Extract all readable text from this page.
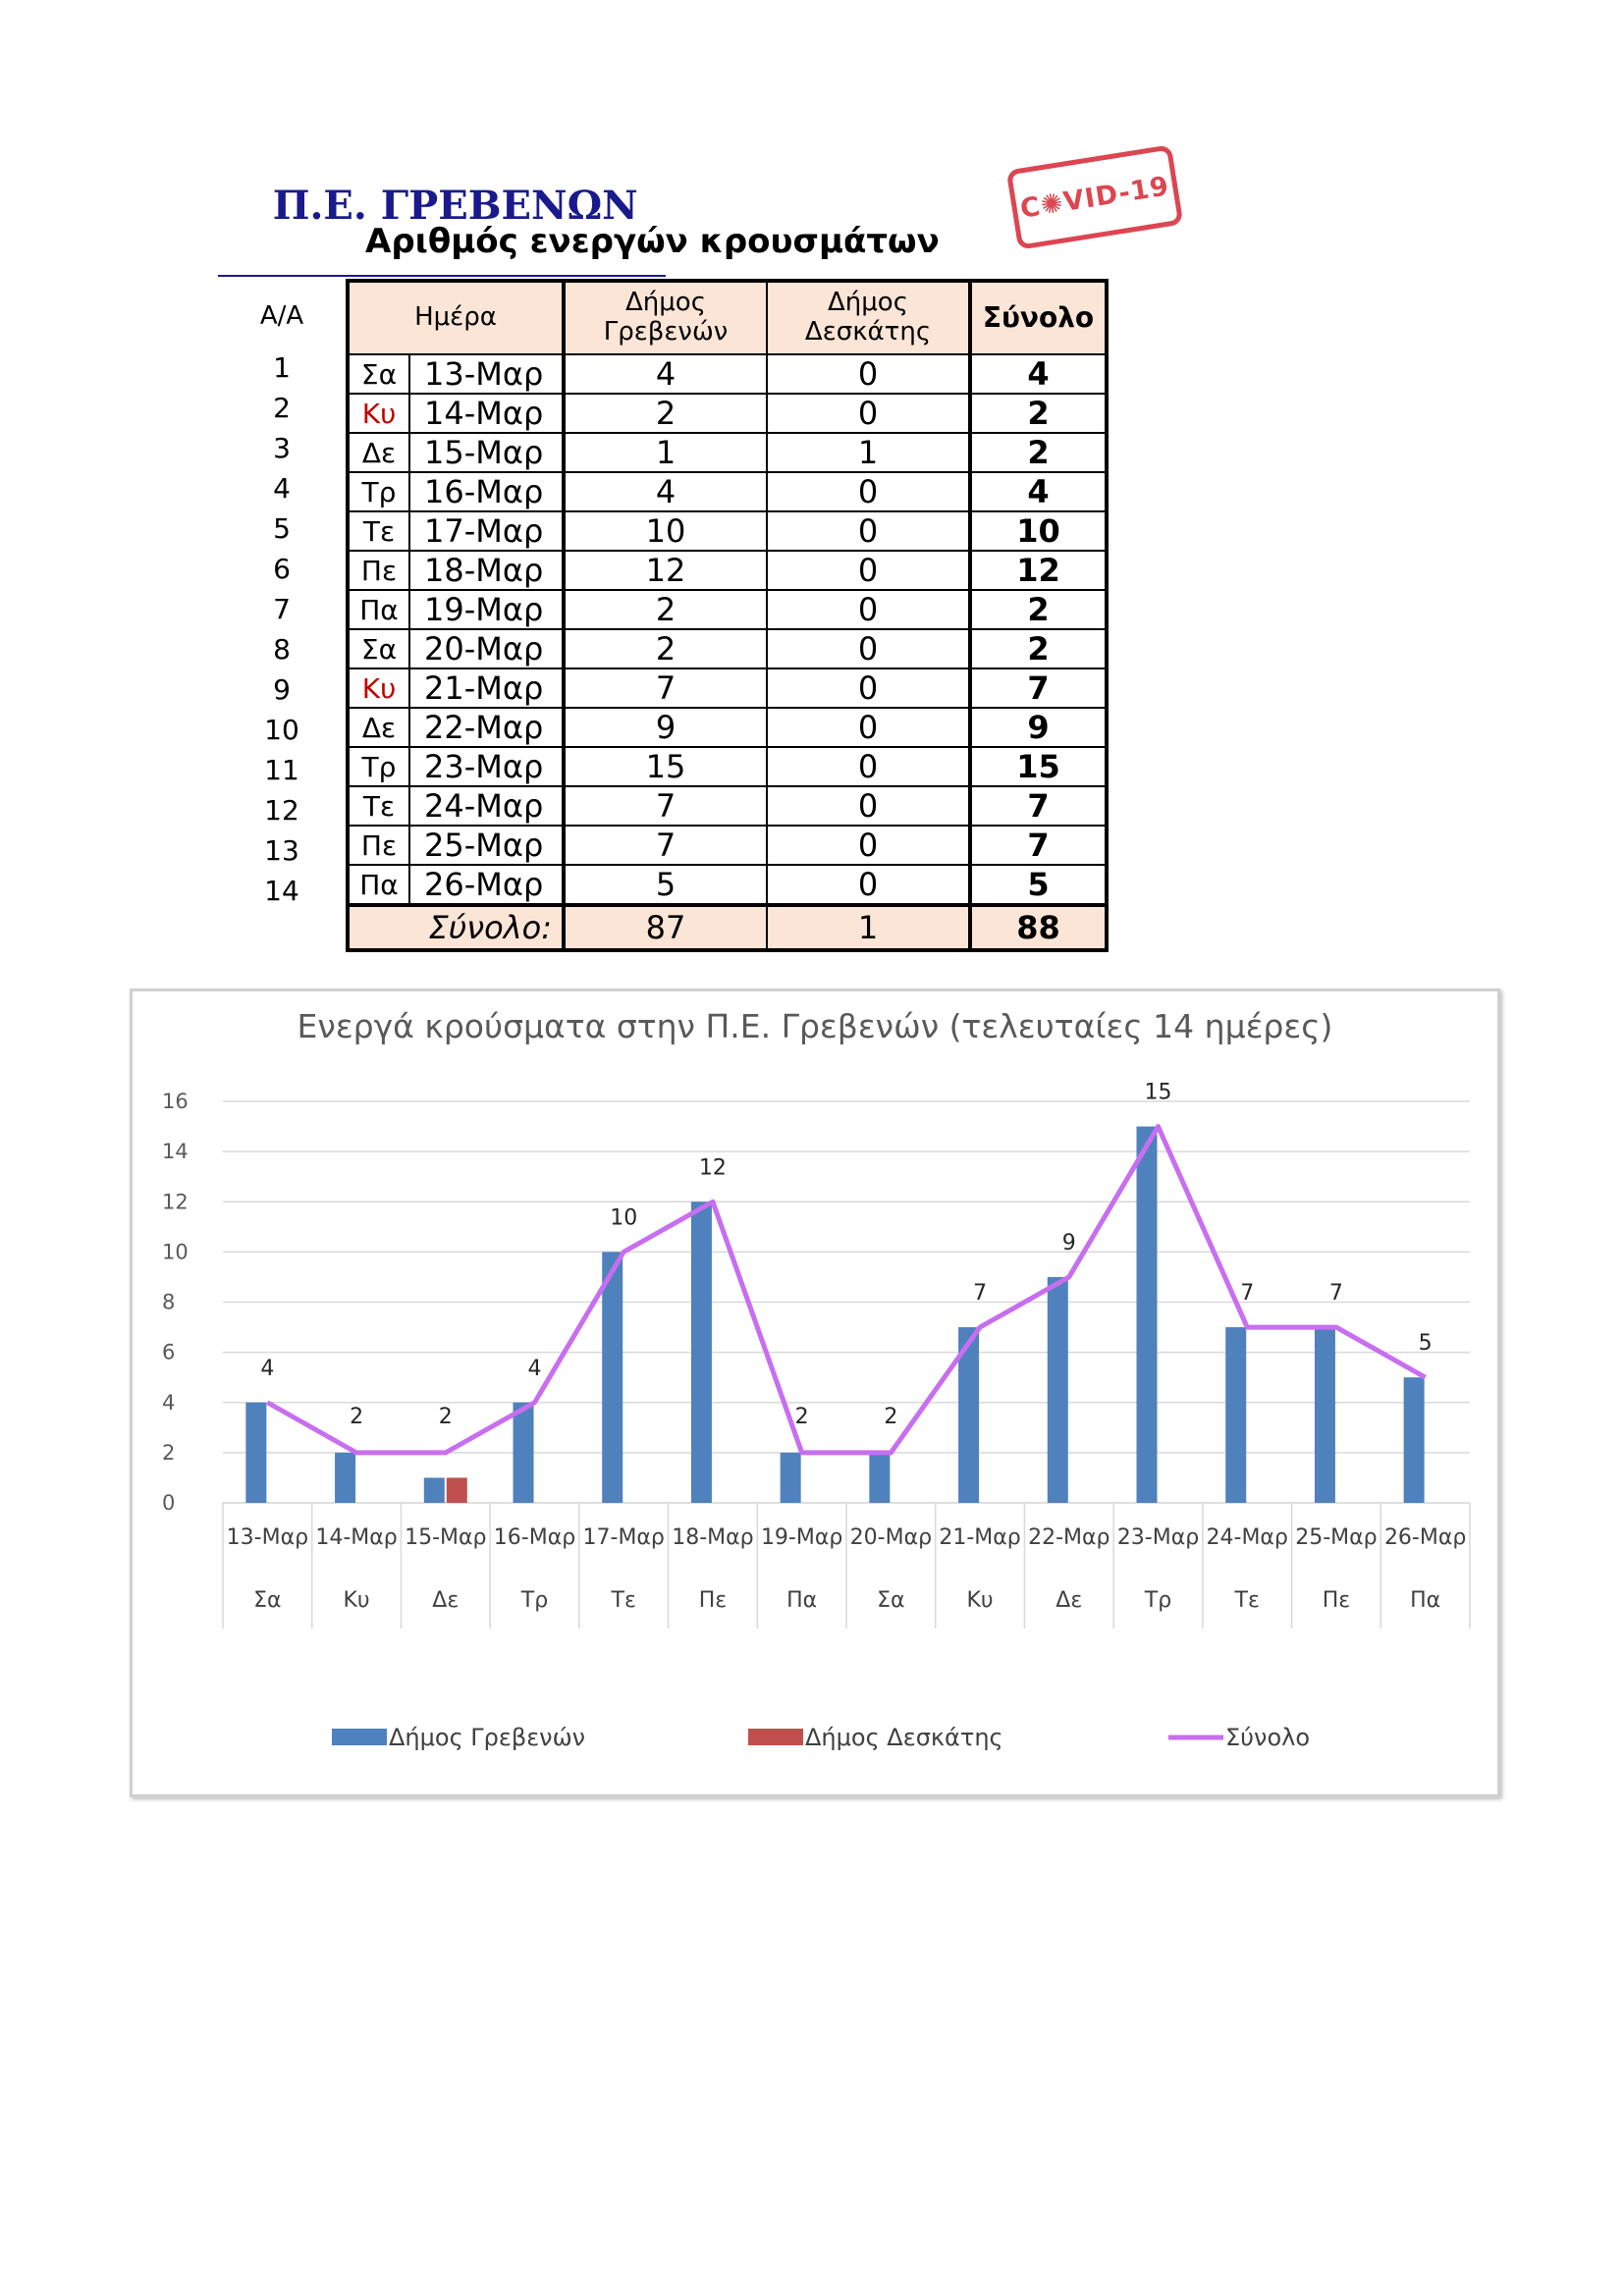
Π.Ε. ΓΡΕΒΕΝΩΝ
	C✺VID-19
Αριθμός ενεργών κρουσμάτων
Α/Α
1
2
3
4
5
6
7
8
9
10
11
12
13
14
Ημέρα		Δήμος Γρεβενών	Δήμος Δεσκάτης	Σύνολο
Σα	13-Μαρ	4	0	4
Κυ	14-Μαρ	2	0	2
Δε	15-Μαρ	1	1	2
Τρ	16-Μαρ	4	0	4
Τε	17-Μαρ	10	0	10
Πε	18-Μαρ	12	0	12
Πα	19-Μαρ	2	0	2
Σα	20-Μαρ	2	0	2
Κυ	21-Μαρ	7	0	7
Δε	22-Μαρ	9	0	9
Τρ	23-Μαρ	15	0	15
Τε	24-Μαρ	7	0	7
Πε	25-Μαρ	7	0	7
Πα	26-Μαρ	5	0	5
Σύνολο:		87	1	88
Ενεργά κρούσματα στην Π.Ε. Γρεβενών (τελευταίες 14 ημέρες)
0
2
4
6
8
10
12
14
16
13-Μαρ
Σα
14-Μαρ
Κυ
15-Μαρ
Δε
16-Μαρ
Τρ
17-Μαρ
Τε
18-Μαρ
Πε
19-Μαρ
Πα
20-Μαρ
Σα
21-Μαρ
Κυ
22-Μαρ
Δε
23-Μαρ
Τρ
24-Μαρ
Τε
25-Μαρ
Πε
26-Μαρ
Πα
4
2	2
4
10
12
2	2
7
9
15
7	7
5
Δήμος Γρεβενών	Δήμος Δεσκάτης	Σύνολο
